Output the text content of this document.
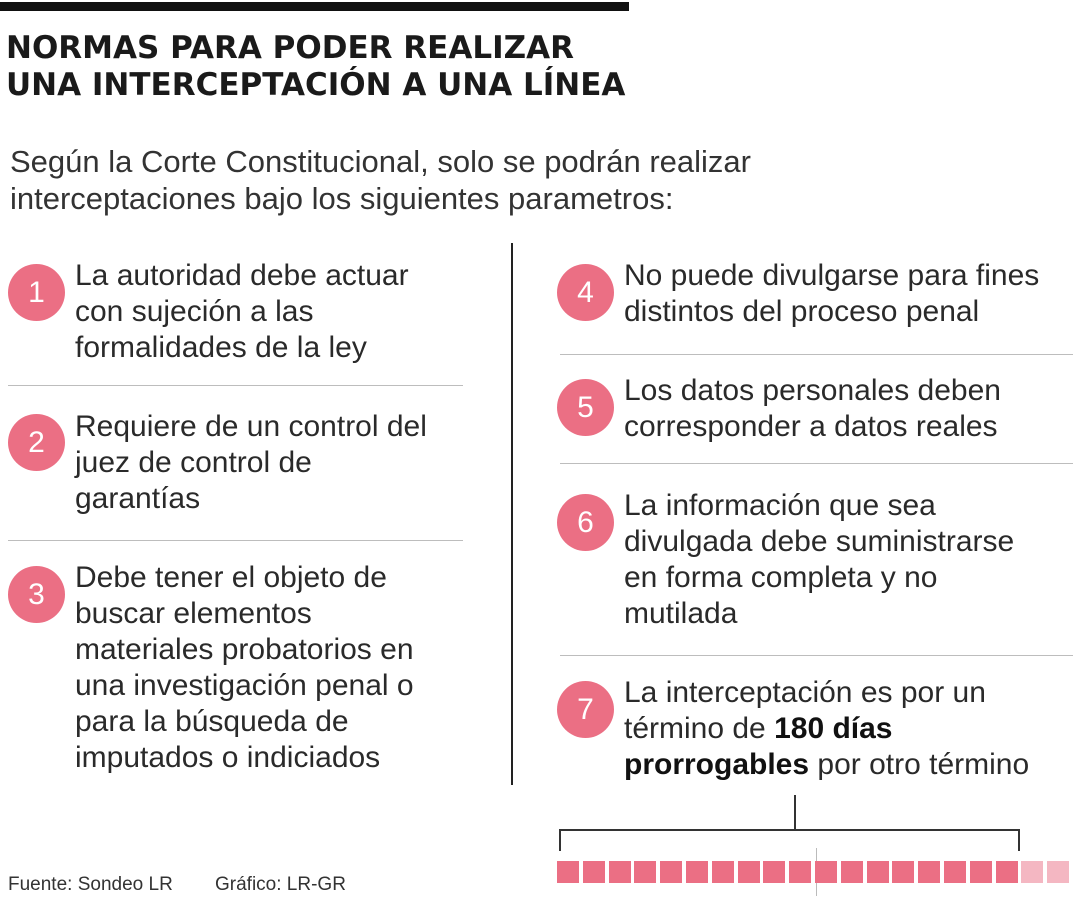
NORMAS PARA PODER REALIZAR
UNA INTERCEPTACIÓN A UNA LÍNEA

Según la Corte Constitucional, solo se podrán realizar
interceptaciones bajo los siguientes parametros:

1	La autoridad debe actuar
con sujeción a las
formalidades de la ley
2	Requiere de un control del
juez de control de
garantías
3	Debe tener el objeto de
buscar elementos
materiales probatorios en
una investigación penal o
para la búsqueda de
imputados o indiciados
4	No puede divulgarse para fines
distintos del proceso penal
5	Los datos personales deben
corresponder a datos reales
6	La información que sea
divulgada debe suministrarse
en forma completa y no
mutilada
7	La interceptación es por un
término de 180 días
prorrogables por otro término
Fuente: Sondeo LR Gráfico: LR-GR
